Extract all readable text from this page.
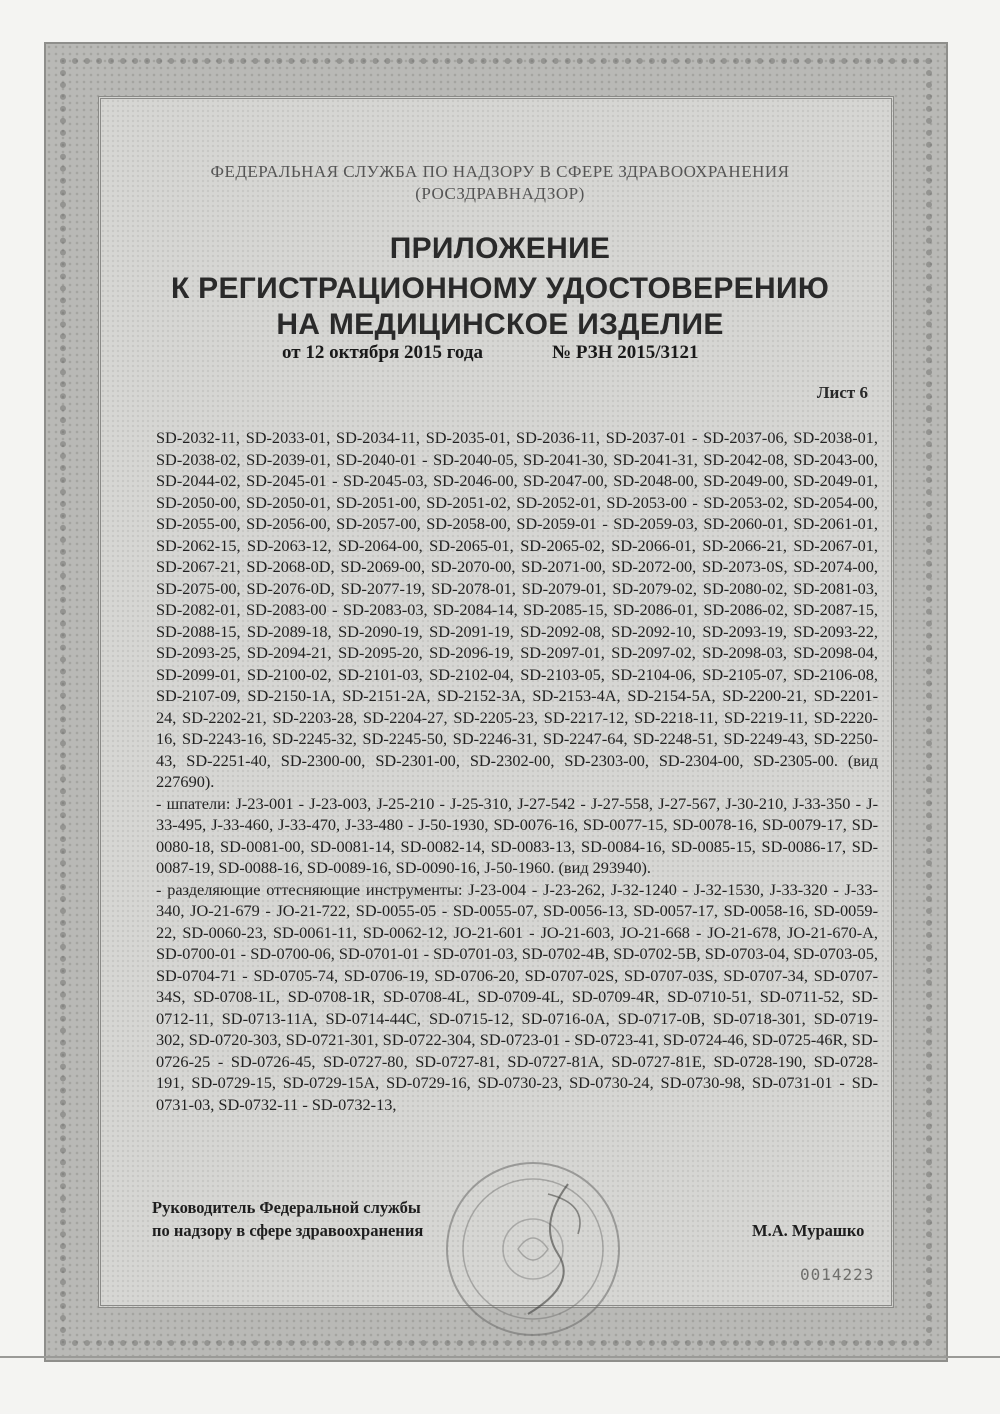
ФЕДЕРАЛЬНАЯ СЛУЖБА ПО НАДЗОРУ В СФЕРЕ ЗДРАВООХРАНЕНИЯ
(РОСЗДРАВНАДЗОР)
ПРИЛОЖЕНИЕ
К РЕГИСТРАЦИОННОМУ УДОСТОВЕРЕНИЮ
НА МЕДИЦИНСКОЕ ИЗДЕЛИЕ
от 12 октября 2015 года	№ РЗН 2015/3121
Лист 6

SD-2032-11, SD-2033-01, SD-2034-11, SD-2035-01, SD-2036-11, SD-2037-01 - SD-2037-06, SD-2038-01, SD-2038-02, SD-2039-01, SD-2040-01 - SD-2040-05, SD-2041-30, SD-2041-31, SD-2042-08, SD-2043-00, SD-2044-02, SD-2045-01 - SD-2045-03, SD-2046-00, SD-2047-00, SD-2048-00, SD-2049-00, SD-2049-01, SD-2050-00, SD-2050-01, SD-2051-00, SD-2051-02, SD-2052-01, SD-2053-00 - SD-2053-02, SD-2054-00, SD-2055-00, SD-2056-00, SD-2057-00, SD-2058-00, SD-2059-01 - SD-2059-03, SD-2060-01, SD-2061-01, SD-2062-15, SD-2063-12, SD-2064-00, SD-2065-01, SD-2065-02, SD-2066-01, SD-2066-21, SD-2067-01, SD-2067-21, SD-2068-0D, SD-2069-00, SD-2070-00, SD-2071-00, SD-2072-00, SD-2073-0S, SD-2074-00, SD-2075-00, SD-2076-0D, SD-2077-19, SD-2078-01, SD-2079-01, SD-2079-02, SD-2080-02, SD-2081-03, SD-2082-01, SD-2083-00 - SD-2083-03, SD-2084-14, SD-2085-15, SD-2086-01, SD-2086-02, SD-2087-15, SD-2088-15, SD-2089-18, SD-2090-19, SD-2091-19, SD-2092-08, SD-2092-10, SD-2093-19, SD-2093-22, SD-2093-25, SD-2094-21, SD-2095-20, SD-2096-19, SD-2097-01, SD-2097-02, SD-2098-03, SD-2098-04, SD-2099-01, SD-2100-02, SD-2101-03, SD-2102-04, SD-2103-05, SD-2104-06, SD-2105-07, SD-2106-08, SD-2107-09, SD-2150-1A, SD-2151-2A, SD-2152-3A, SD-2153-4A, SD-2154-5A, SD-2200-21, SD-2201-24, SD-2202-21, SD-2203-28, SD-2204-27, SD-2205-23, SD-2217-12, SD-2218-11, SD-2219-11, SD-2220-16, SD-2243-16, SD-2245-32, SD-2245-50, SD-2246-31, SD-2247-64, SD-2248-51, SD-2249-43, SD-2250-43, SD-2251-40, SD-2300-00, SD-2301-00, SD-2302-00, SD-2303-00, SD-2304-00, SD-2305-00. (вид 227690).

- шпатели: J-23-001 - J-23-003, J-25-210 - J-25-310, J-27-542 - J-27-558, J-27-567, J-30-210, J-33-350 - J-33-495, J-33-460, J-33-470, J-33-480 - J-50-1930, SD-0076-16, SD-0077-15, SD-0078-16, SD-0079-17, SD-0080-18, SD-0081-00, SD-0081-14, SD-0082-14, SD-0083-13, SD-0084-16, SD-0085-15, SD-0086-17, SD-0087-19, SD-0088-16, SD-0089-16, SD-0090-16, J-50-1960. (вид 293940).

- разделяющие оттесняющие инструменты: J-23-004 - J-23-262, J-32-1240 - J-32-1530, J-33-320 - J-33-340, JO-21-679 - JO-21-722, SD-0055-05 - SD-0055-07, SD-0056-13, SD-0057-17, SD-0058-16, SD-0059-22, SD-0060-23, SD-0061-11, SD-0062-12, JO-21-601 - JO-21-603, JO-21-668 - JO-21-678, JO-21-670-A, SD-0700-01 - SD-0700-06, SD-0701-01 - SD-0701-03, SD-0702-4B, SD-0702-5B, SD-0703-04, SD-0703-05, SD-0704-71 - SD-0705-74, SD-0706-19, SD-0706-20, SD-0707-02S, SD-0707-03S, SD-0707-34, SD-0707-34S, SD-0708-1L, SD-0708-1R, SD-0708-4L, SD-0709-4L, SD-0709-4R, SD-0710-51, SD-0711-52, SD-0712-11, SD-0713-11A, SD-0714-44C, SD-0715-12, SD-0716-0A, SD-0717-0B, SD-0718-301, SD-0719-302, SD-0720-303, SD-0721-301, SD-0722-304, SD-0723-01 - SD-0723-41, SD-0724-46, SD-0725-46R, SD-0726-25 - SD-0726-45, SD-0727-80, SD-0727-81, SD-0727-81A, SD-0727-81E, SD-0728-190, SD-0728-191, SD-0729-15, SD-0729-15A, SD-0729-16, SD-0730-23, SD-0730-24, SD-0730-98, SD-0731-01 - SD-0731-03, SD-0732-11 - SD-0732-13,

Руководитель Федеральной службы
по надзору в сфере здравоохранения	М.А. Мурашко
0014223
